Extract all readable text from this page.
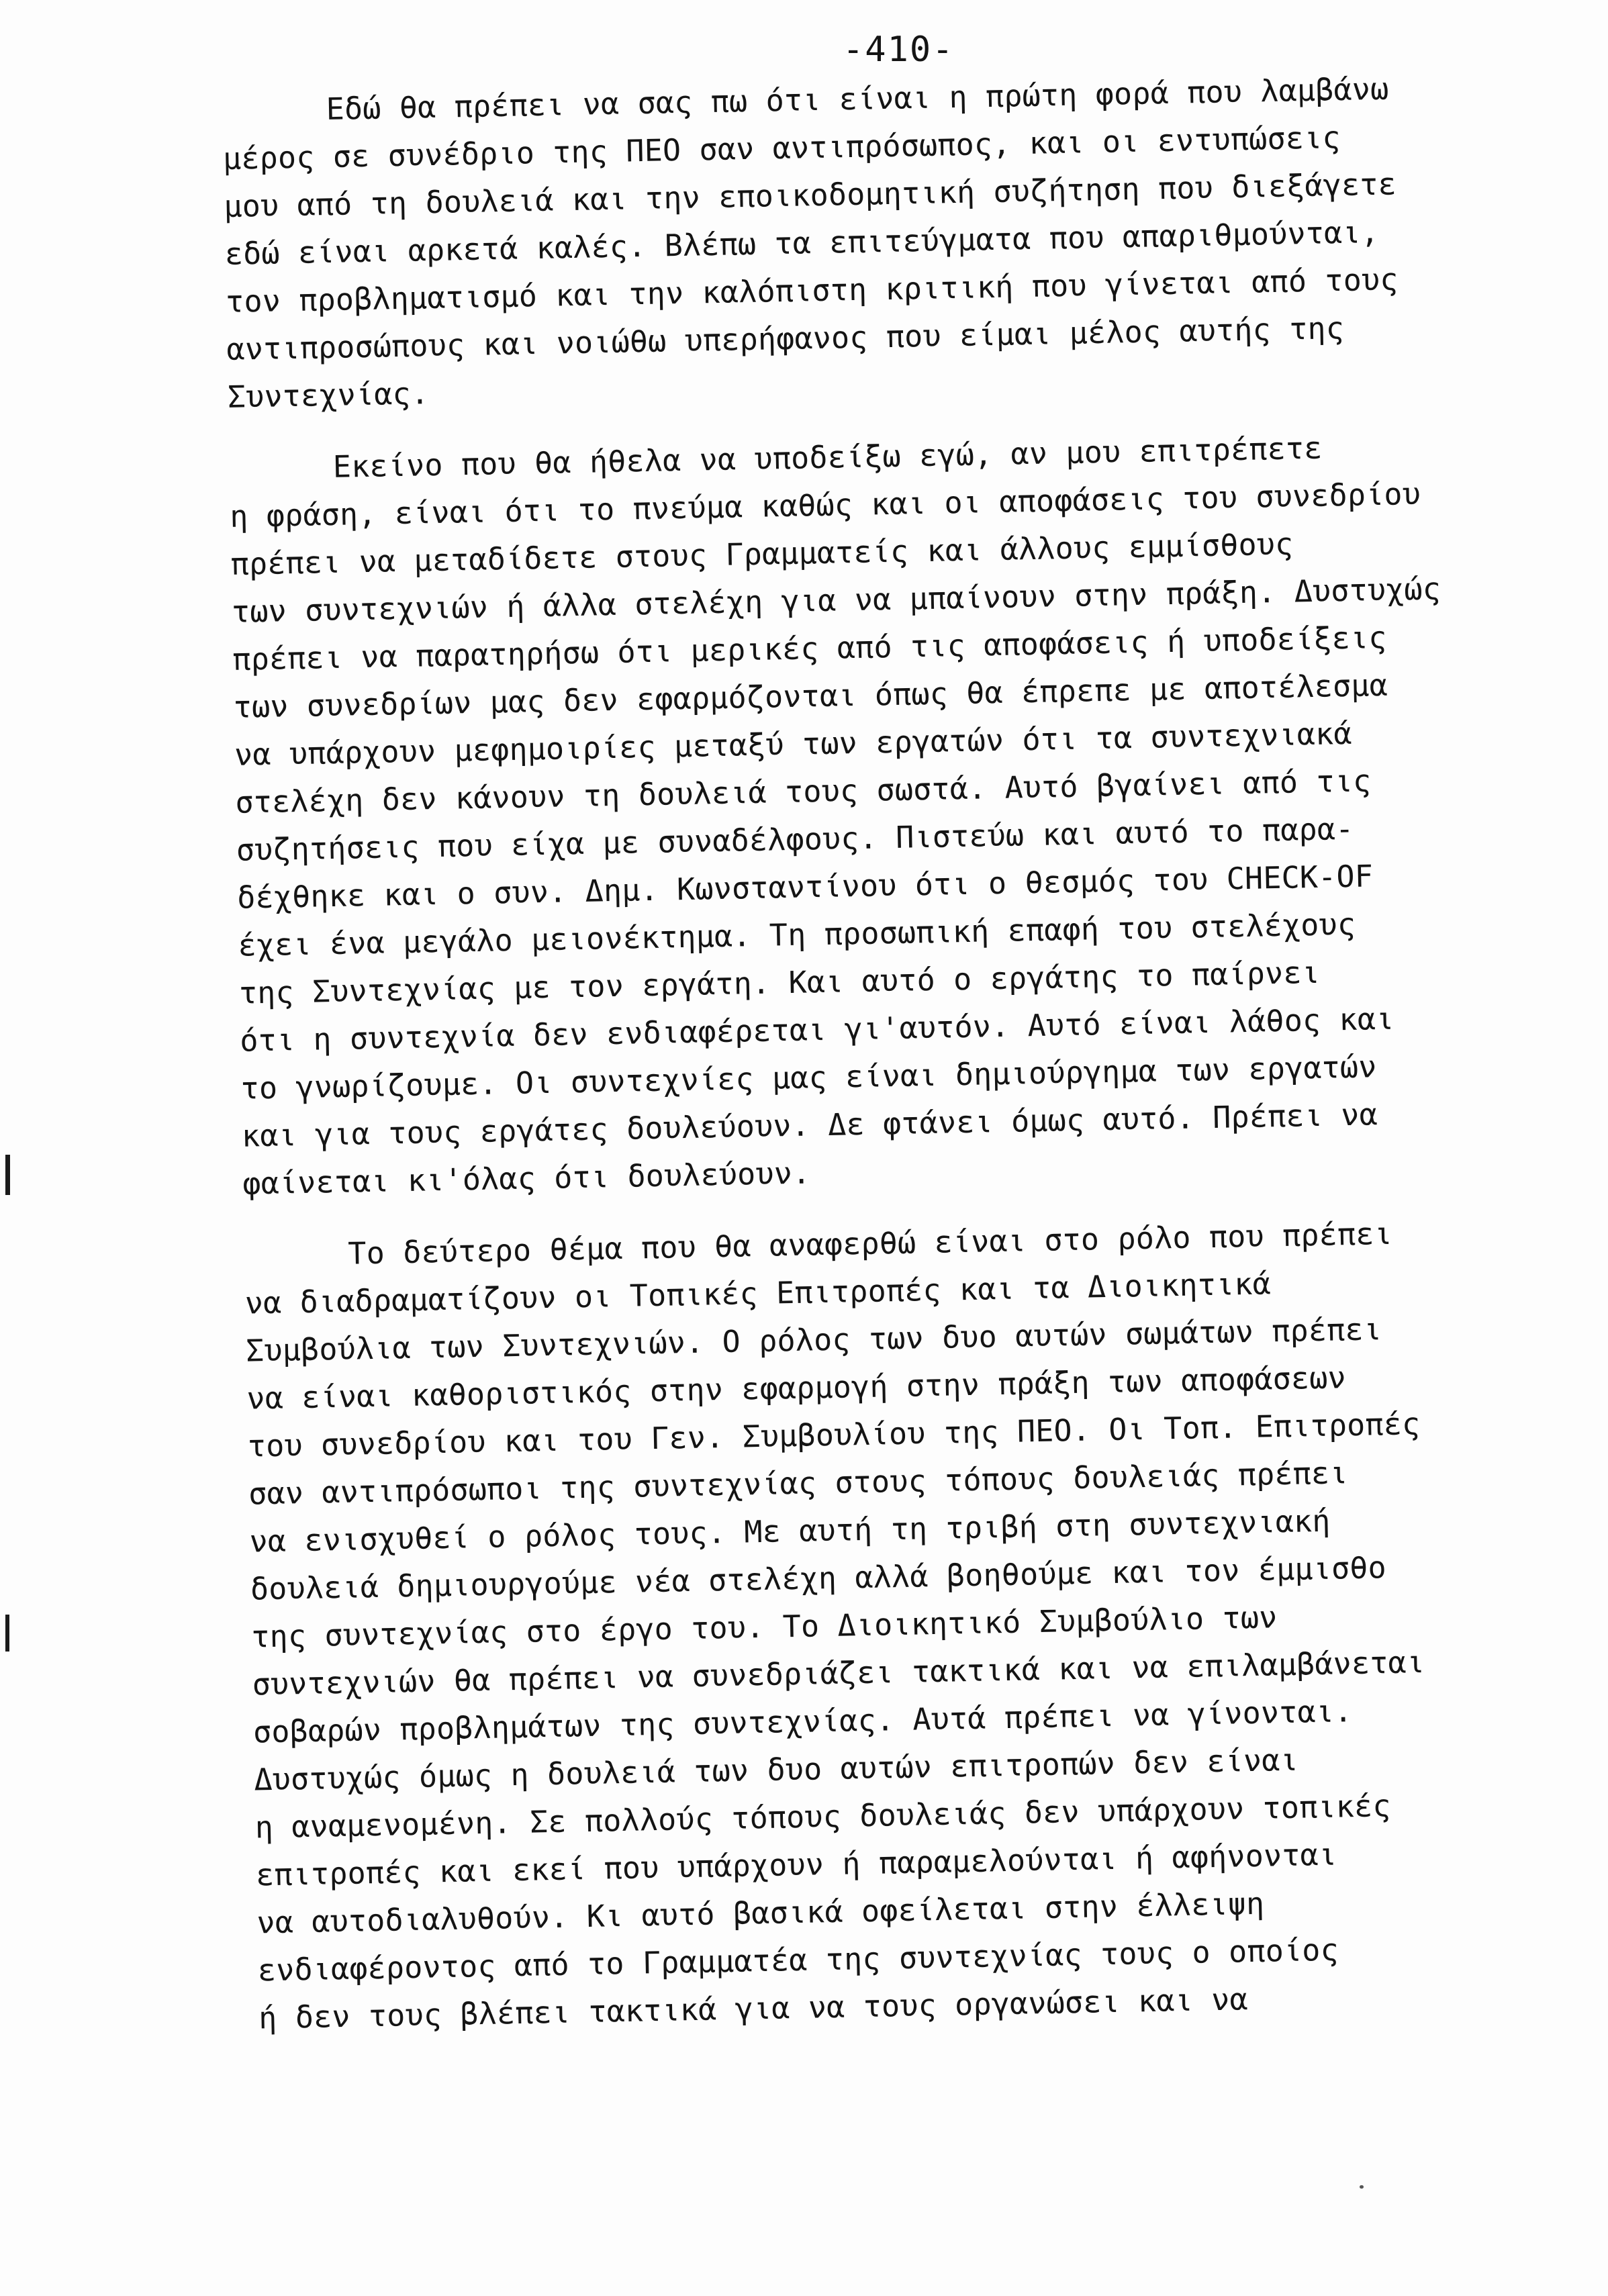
-410-
Εδώ θα πρέπει να σας πω ότι είναι η πρώτη φορά που λαμβάνω
μέρος σε συνέδριο της ΠΕΟ σαν αντιπρόσωπος, και οι εντυπώσεις
μου από τη δουλειά και την εποικοδομητική συζήτηση που διεξάγετε
εδώ είναι αρκετά καλές. Βλέπω τα επιτεύγματα που απαριθμούνται,
τον προβληματισμό και την καλόπιστη κριτική που γίνεται από τους
αντιπροσώπους και νοιώθω υπερήφανος που είμαι μέλος αυτής της
Συντεχνίας.
Εκείνο που θα ήθελα να υποδείξω εγώ, αν μου επιτρέπετε
η φράση, είναι ότι το πνεύμα καθώς και οι αποφάσεις του συνεδρίου
πρέπει να μεταδίδετε στους Γραμματείς και άλλους εμμίσθους
των συντεχνιών ή άλλα στελέχη για να μπαίνουν στην πράξη. Δυστυχώς
πρέπει να παρατηρήσω ότι μερικές από τις αποφάσεις ή υποδείξεις
των συνεδρίων μας δεν εφαρμόζονται όπως θα έπρεπε με αποτέλεσμα
να υπάρχουν μεφημοιρίες μεταξύ των εργατών ότι τα συντεχνιακά
στελέχη δεν κάνουν τη δουλειά τους σωστά. Αυτό βγαίνει από τις
συζητήσεις που είχα με συναδέλφους. Πιστεύω και αυτό το παρα-
δέχθηκε και ο συν. Δημ. Κωνσταντίνου ότι ο θεσμός του CHECK-OF
έχει ένα μεγάλο μειονέκτημα. Τη προσωπική επαφή του στελέχους
της Συντεχνίας με τον εργάτη. Και αυτό ο εργάτης το παίρνει
ότι η συντεχνία δεν ενδιαφέρεται γι'αυτόν. Αυτό είναι λάθος και
το γνωρίζουμε. Οι συντεχνίες μας είναι δημιούργημα των εργατών
και για τους εργάτες δουλεύουν. Δε φτάνει όμως αυτό. Πρέπει να
φαίνεται κι'όλας ότι δουλεύουν.
Το δεύτερο θέμα που θα αναφερθώ είναι στο ρόλο που πρέπει
να διαδραματίζουν οι Τοπικές Επιτροπές και τα Διοικητικά
Συμβούλια των Συντεχνιών. Ο ρόλος των δυο αυτών σωμάτων πρέπει
να είναι καθοριστικός στην εφαρμογή στην πράξη των αποφάσεων
του συνεδρίου και του Γεν. Συμβουλίου της ΠΕΟ. Οι Τοπ. Επιτροπές
σαν αντιπρόσωποι της συντεχνίας στους τόπους δουλειάς πρέπει
να ενισχυθεί ο ρόλος τους. Με αυτή τη τριβή στη συντεχνιακή
δουλειά δημιουργούμε νέα στελέχη αλλά βοηθούμε και τον έμμισθο
της συντεχνίας στο έργο του. Το Διοικητικό Συμβούλιο των
συντεχνιών θα πρέπει να συνεδριάζει τακτικά και να επιλαμβάνεται
σοβαρών προβλημάτων της συντεχνίας. Αυτά πρέπει να γίνονται.
Δυστυχώς όμως η δουλειά των δυο αυτών επιτροπών δεν είναι
η αναμενομένη. Σε πολλούς τόπους δουλειάς δεν υπάρχουν τοπικές
επιτροπές και εκεί που υπάρχουν ή παραμελούνται ή αφήνονται
να αυτοδιαλυθούν. Κι αυτό βασικά οφείλεται στην έλλειψη
ενδιαφέροντος από το Γραμματέα της συντεχνίας τους ο οποίος
ή δεν τους βλέπει τακτικά για να τους οργανώσει και να
